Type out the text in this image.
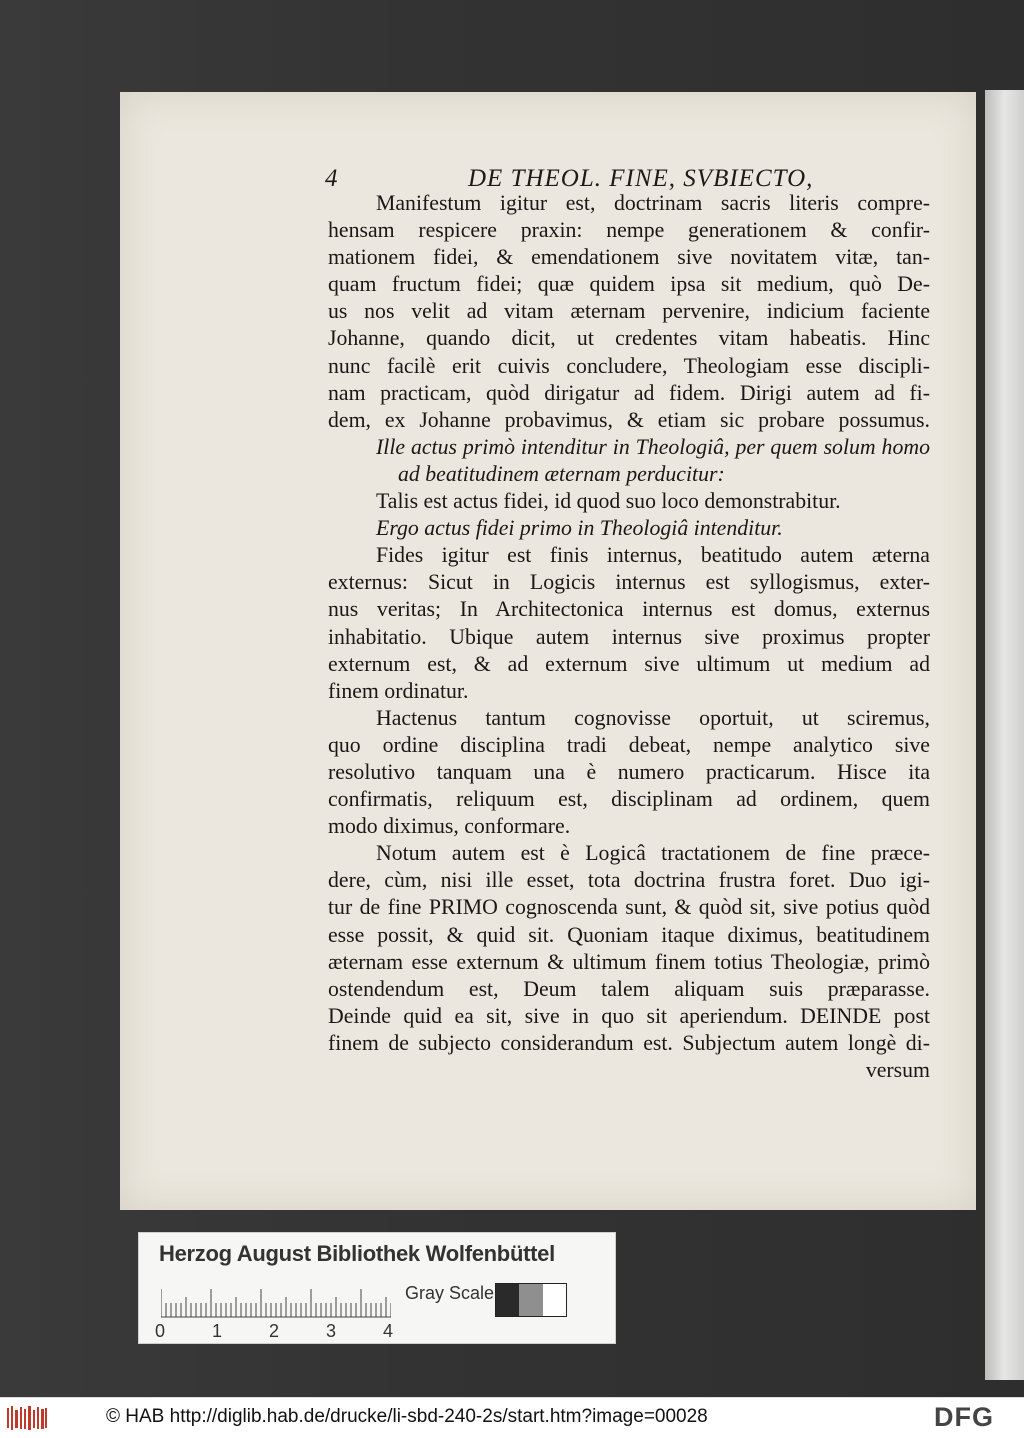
4	DE THEOL. FINE, SVBIECTO,
Manifestum igitur est, doctrinam sacris literis compre-
hensam respicere praxin: nempe generationem & confir-
mationem fidei, & emendationem sive novitatem vitæ, tan-
quam fructum fidei; quæ quidem ipsa sit medium, quò De-
us nos velit ad vitam æternam pervenire, indicium faciente
Johanne, quando dicit, ut credentes vitam habeatis. Hinc
nunc facilè erit cuivis concludere, Theologiam esse discipli-
nam practicam, quòd dirigatur ad fidem. Dirigi autem ad fi-
dem, ex Johanne probavimus, & etiam sic probare possumus.
Ille actus primò intenditur in Theologiâ, per quem solum homo
ad beatitudinem æternam perducitur:
Talis est actus fidei, id quod suo loco demonstrabitur.
Ergo actus fidei primo in Theologiâ intenditur.
Fides igitur est finis internus, beatitudo autem æterna
externus: Sicut in Logicis internus est syllogismus, exter-
nus veritas; In Architectonica internus est domus, externus
inhabitatio. Ubique autem internus sive proximus propter
externum est, & ad externum sive ultimum ut medium ad
finem ordinatur.
Hactenus tantum cognovisse oportuit, ut sciremus,
quo ordine disciplina tradi debeat, nempe analytico sive
resolutivo tanquam una è numero practicarum. Hisce ita
confirmatis, reliquum est, disciplinam ad ordinem, quem
modo diximus, conformare.
Notum autem est è Logicâ tractationem de fine præce-
dere, cùm, nisi ille esset, tota doctrina frustra foret. Duo igi-
tur de fine PRIMO cognoscenda sunt, & quòd sit, sive potius quòd
esse possit, & quid sit. Quoniam itaque diximus, beatitudinem
æternam esse externum & ultimum finem totius Theologiæ, primò
ostendendum est, Deum talem aliquam suis præparasse.
Deinde quid ea sit, sive in quo sit aperiendum. DEINDE post
finem de subjecto considerandum est. Subjectum autem longè di-
versum
Herzog August Bibliothek Wolfenbüttel
0	1	2	3	4
Gray Scale
© HAB http://diglib.hab.de/drucke/li-sbd-240-2s/start.htm?image=00028	DFG
